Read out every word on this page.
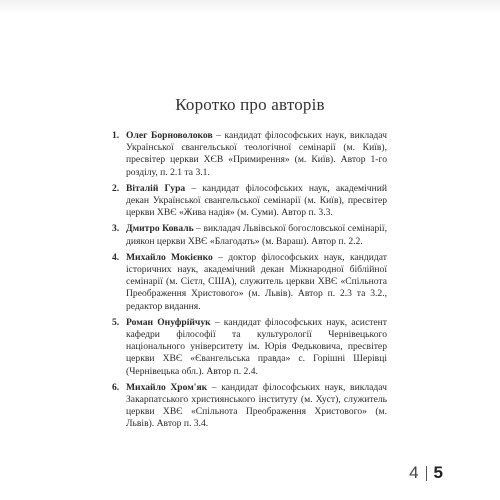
Коротко про авторів
1. Олег Борноволоков – кандидат філософських наук, викладач Української євангельської теологічної семінарії (м. Київ), пресвітер церкви ХЄВ «Примирення» (м. Київ). Автор 1-го розділу, п. 2.1 та 3.1.
2. Віталій Гура – кандидат філософських наук, академічний декан Української євангельської семінарії (м. Київ), пресвітер церкви ХВЄ «Жива надія» (м. Суми). Автор п. 3.3.
3. Дмитро Коваль – викладач Львівської богословської семінарії, диякон церкви ХВЄ «Благодать» (м. Вараш). Автор п. 2.2.
4. Михайло Мокієнко – доктор філософських наук, кандидат історичних наук, академічний декан Міжнародної біблійної семінарії (м. Сієтл, США), служитель церкви ХВЄ «Спільнота Преображення Христового» (м. Львів). Автор п. 2.3 та 3.2., редактор видання.
5. Роман Онуфрійчук – кандидат філософських наук, асистент кафедри філософії та культурології Чернівецького національного університету ім. Юрія Федьковича, пресвітер церкви ХВЄ «Євангельська правда» с. Горішні Шерівці (Чернівецька обл.). Автор п. 2.4.
6. Михайло Хром'як – кандидат філософських наук, викладач Закарпатського християнського інституту (м. Хуст), служитель церкви ХВЄ «Спільнота Преображення Христового» (м. Львів). Автор п. 3.4.
4 5
